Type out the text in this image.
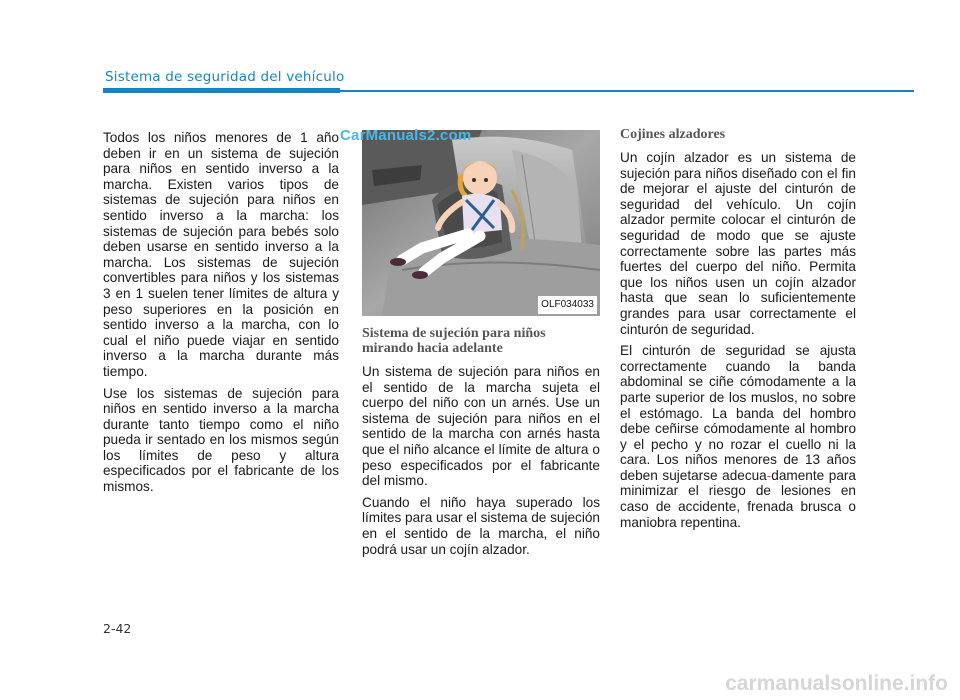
Sistema de seguridad del vehículo

Todos los niños menores de 1 año deben ir en un sistema de sujeción para niños en sentido inverso a la marcha. Existen varios tipos de sistemas de sujeción para niños en sentido inverso a la marcha: los sistemas de sujeción para bebés solo deben usarse en sentido inverso a la marcha. Los sistemas de sujeción convertibles para niños y los sistemas 3 en 1 suelen tener límites de altura y peso superiores en la posición en sentido inverso a la marcha, con lo cual el niño puede viajar en sentido inverso a la marcha durante más tiempo.

Use los sistemas de sujeción para niños en sentido inverso a la marcha durante tanto tiempo como el niño pueda ir sentado en los mismos según los límites de peso y altura especificados por el fabricante de los mismos.

OLF034033
Sistema de sujeción para niños mirando hacia adelante

Un sistema de sujeción para niños en el sentido de la marcha sujeta el cuerpo del niño con un arnés. Use un sistema de sujeción para niños en el sentido de la marcha con arnés hasta que el niño alcance el límite de altura o peso especificados por el fabricante del mismo.

Cuando el niño haya superado los límites para usar el sistema de sujeción en el sentido de la marcha, el niño podrá usar un cojín alzador.

Cojines alzadores

Un cojín alzador es un sistema de sujeción para niños diseñado con el fin de mejorar el ajuste del cinturón de seguridad del vehículo. Un cojín alzador permite colocar el cinturón de seguridad de modo que se ajuste correctamente sobre las partes más fuertes del cuerpo del niño. Permita que los niños usen un cojín alzador hasta que sean lo suficientemente grandes para usar correctamente el cinturón de seguridad.

El cinturón de seguridad se ajusta correctamente cuando la banda abdominal se ciñe cómodamente a la parte superior de los muslos, no sobre el estómago. La banda del hombro debe ceñirse cómodamente al hombro y el pecho y no rozar el cuello ni la cara. Los niños menores de 13 años deben sujetarse adecua-damente para minimizar el riesgo de lesiones en caso de accidente, frenada brusca o maniobra repentina.

CarManuals2.com
2-42
carmanualsonline.info
